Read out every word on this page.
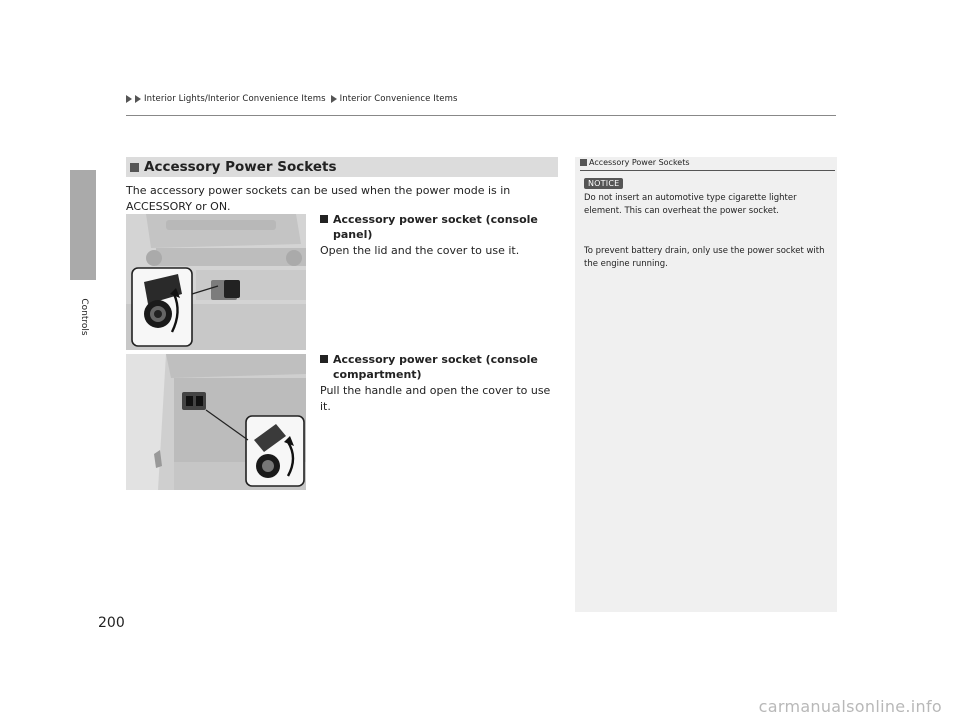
Interior Lights/Interior Convenience Items Interior Convenience Items
Controls
Accessory Power Sockets
The accessory power sockets can be used when the power mode is in ACCESSORY or ON.
Accessory power socket (console panel)
Open the lid and the cover to use it.
Accessory power socket (console compartment)
Pull the handle and open the cover to use it.
Accessory Power Sockets
NOTICE
Do not insert an automotive type cigarette lighter element. This can overheat the power socket.
To prevent battery drain, only use the power socket with the engine running.
200
carmanualsonline.info
